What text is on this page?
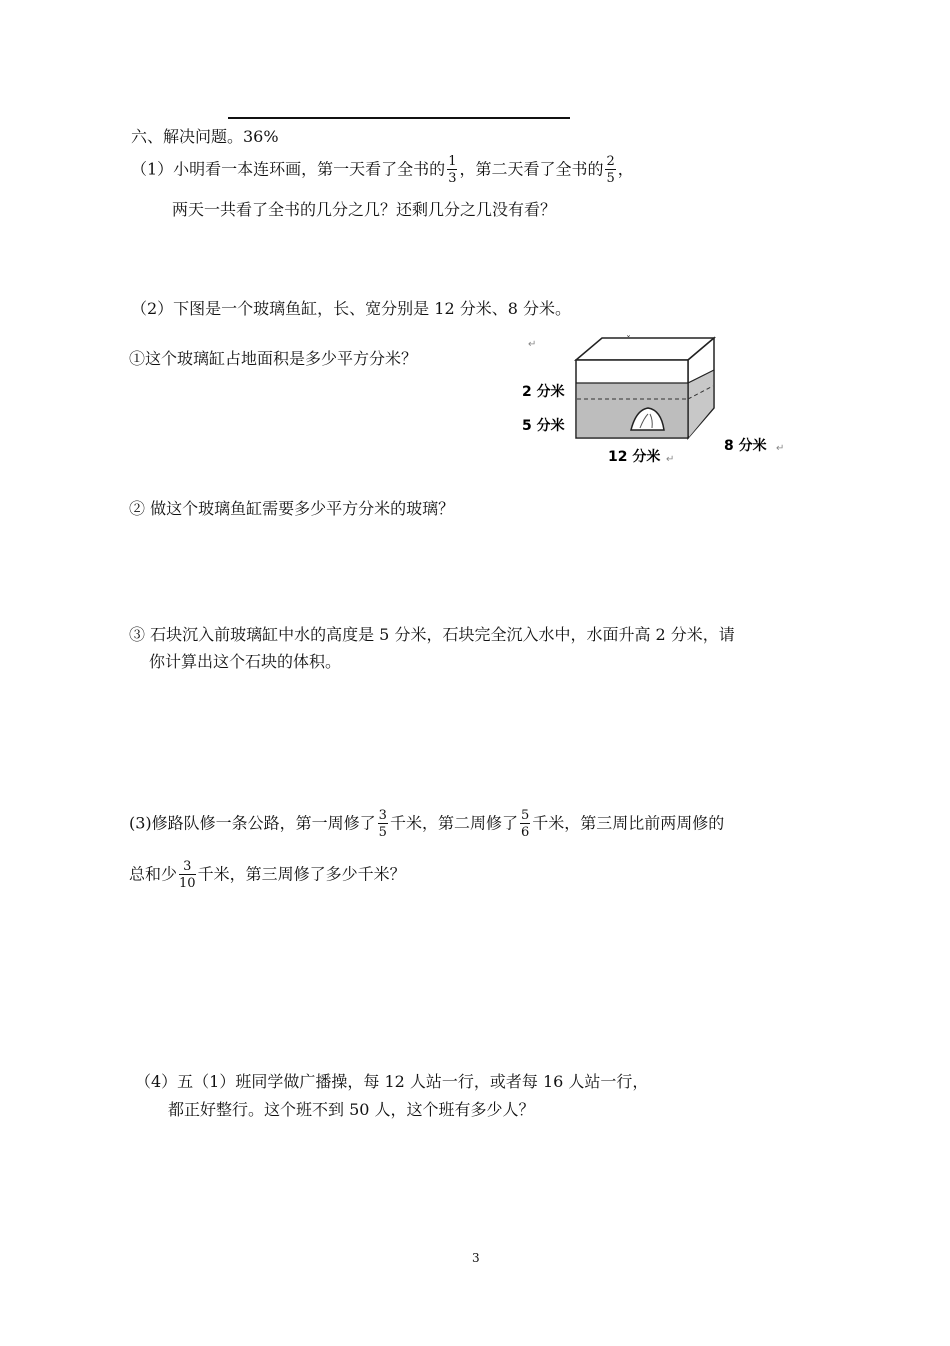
六、解决问题。36%
（1）小明看一本连环画，第一天看了全书的 $\frac{1}{3}$ ，第二天看了全书的 $\frac{2}{5}$ ，
两天一共看了全书的几分之几？还剩几分之几没有看？
（2）下图是一个玻璃鱼缸，长、宽分别是 12 分米、8 分米。
①这个玻璃缸占地面积是多少平方分米？
↵
2 分米
5 分米
12 分米
8 分米
↵
↵
② 做这个玻璃鱼缸需要多少平方分米的玻璃？
③ 石块沉入前玻璃缸中水的高度是 5 分米，石块完全沉入水中，水面升高 2 分米，请
你计算出这个石块的体积。
(3)修路队修一条公路，第一周修了 $\frac{3}{5}$ 千米，第二周修了 $\frac{5}{6}$ 千米，第三周比前两周修的
总和少 $\frac{3}{10}$ 千米，第三周修了多少千米？
（4）五（1）班同学做广播操，每 12 人站一行，或者每 16 人站一行，
都正好整行。这个班不到 50 人，这个班有多少人？
3
